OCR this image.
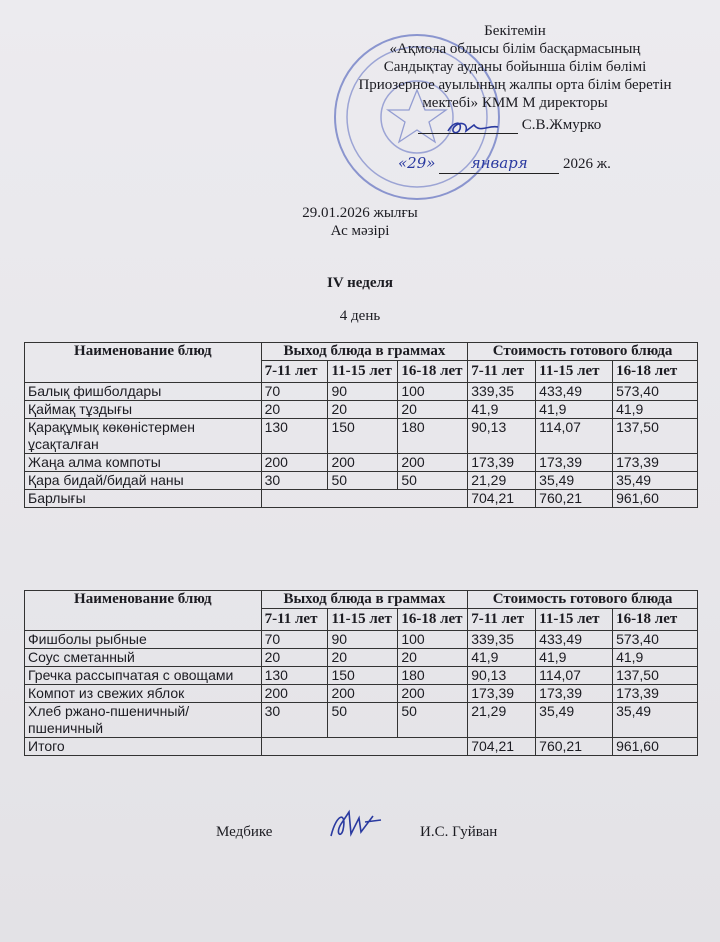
Бекітемін
«Ақмола облысы білім басқармасының
Сандықтау ауданы бойынша білім бөлімі
Приозерное ауылының жалпы орта білім беретін
мектебі» КММ М директоры
С.В.Жмурко
«29» января 2026 ж.
29.01.2026 жылғы
Ас мәзірі
IV неделя
4 день
Наименование блюд	Выход блюда в граммах			Стоимость готового блюда		
	7-11 лет	11-15 лет	16-18 лет	7-11 лет	11-15 лет	16-18 лет
Балық фишболдары	70	90	100	339,35	433,49	573,40
Қаймақ тұздығы	20	20	20	41,9	41,9	41,9
Қарақұмық көкөністермен ұсақталған	130	150	180	90,13	114,07	137,50
Жаңа алма компоты	200	200	200	173,39	173,39	173,39
Қара бидай/бидай наны	30	50	50	21,29	35,49	35,49
Барлығы				704,21	760,21	961,60
Наименование блюд	Выход блюда в граммах			Стоимость готового блюда		
	7-11 лет	11-15 лет	16-18 лет	7-11 лет	11-15 лет	16-18 лет
Фишболы рыбные	70	90	100	339,35	433,49	573,40
Соус сметанный	20	20	20	41,9	41,9	41,9
Гречка рассыпчатая с овощами	130	150	180	90,13	114,07	137,50
Компот из свежих яблок	200	200	200	173,39	173,39	173,39
Хлеб ржано-пшеничный/пшеничный	30	50	50	21,29	35,49	35,49
Итого				704,21	760,21	961,60
Медбике	И.С. Гуйван
